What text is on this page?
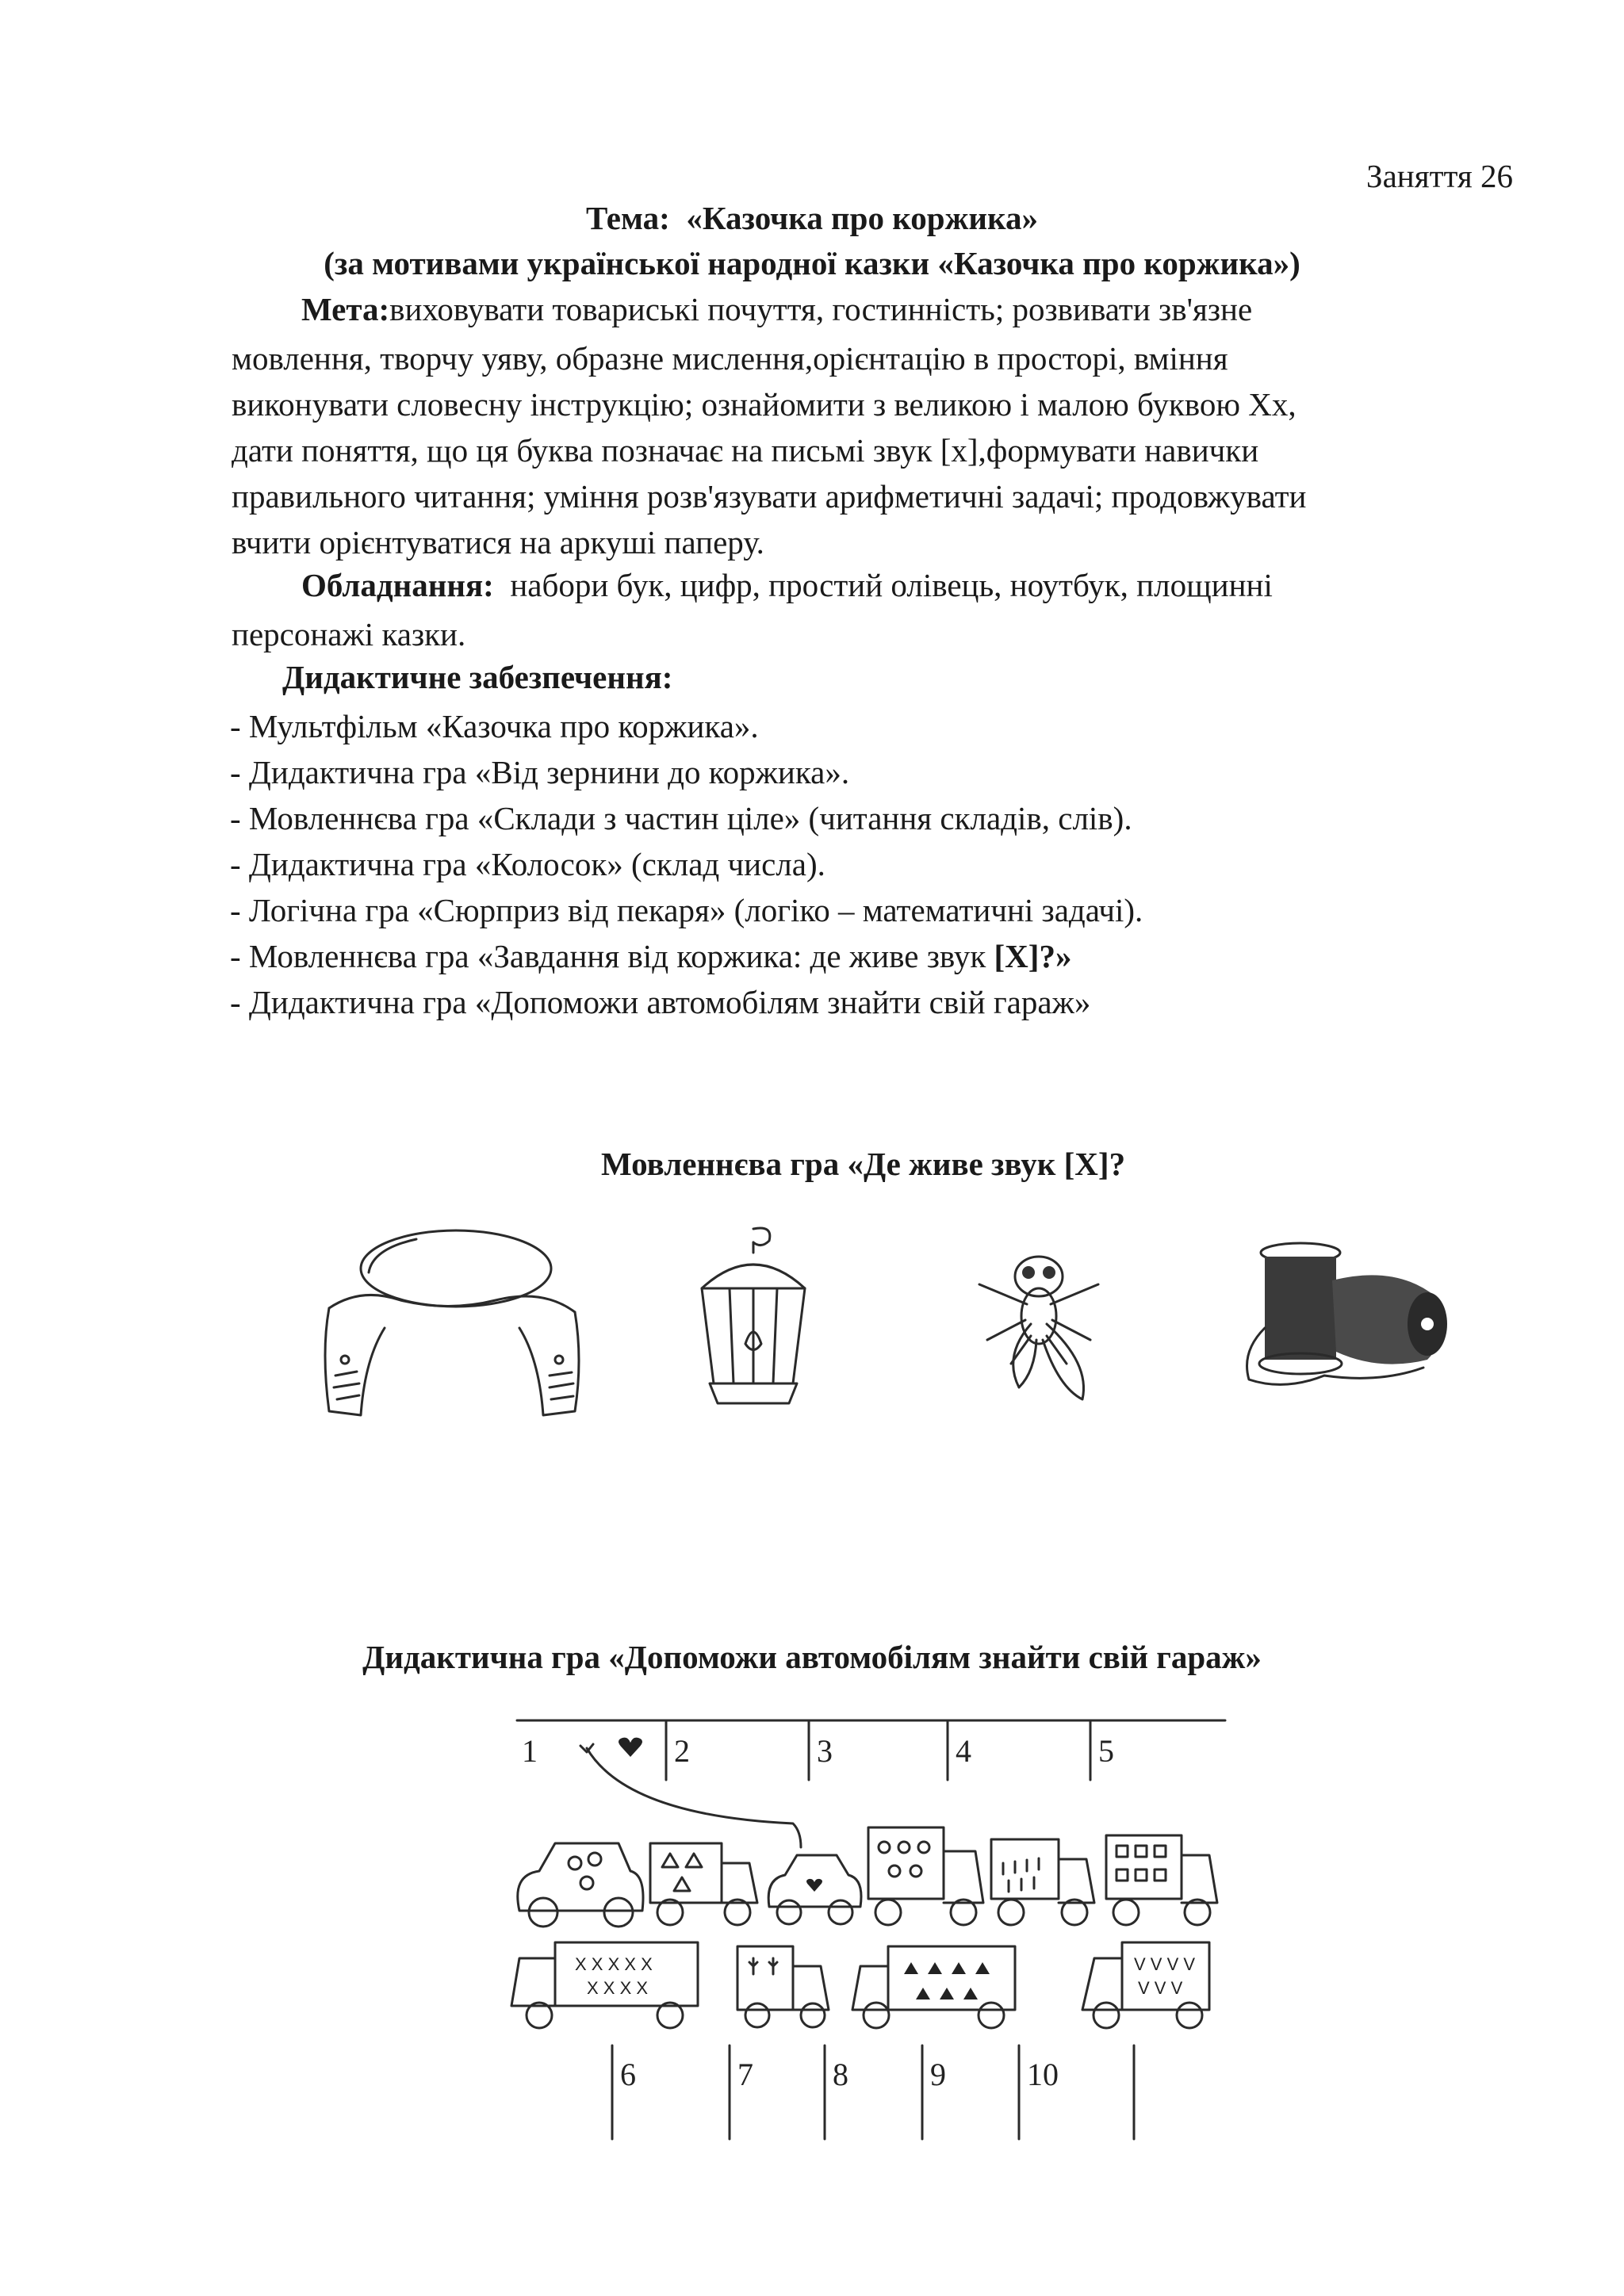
Заняття 26
Тема: «Казочка про коржика»
(за мотивами української народної казки «Казочка про коржика»)
Мета:виховувати товариські почуття, гостинність; розвивати зв'язне
мовлення, творчу уяву, образне мислення,орієнтацію в просторі, вміння
виконувати словесну інструкцію; ознайомити з великою і малою буквою Хх,
дати поняття, що ця буква позначає на письмі звук [х],формувати навички
правильного читання; уміння розв'язувати арифметичні задачі; продовжувати
вчити орієнтуватися на аркуші паперу.
Обладнання: набори бук, цифр, простий олівець, ноутбук, площинні
персонажі казки.
Дидактичне забезпечення:
- Мультфільм «Казочка про коржика».
- Дидактична гра «Від зернини до коржика».
- Мовленнєва гра «Склади з частин ціле» (читання складів, слів).
- Дидактична гра «Колосок» (склад числа).
- Логічна гра «Сюрприз від пекаря» (логіко – математичні задачі).
- Мовленнєва гра «Завдання від коржика: де живе звук [Х]?»
- Дидактична гра «Допоможи автомобілям знайти свій гараж»
Мовленнєва гра «Де живе звук [Х]?
Дидактична гра «Допоможи автомобілям знайти свій гараж»
1	2	3	4	5
X X X X X
X X X X
V V V V
V V V
6	7	8	9	10
